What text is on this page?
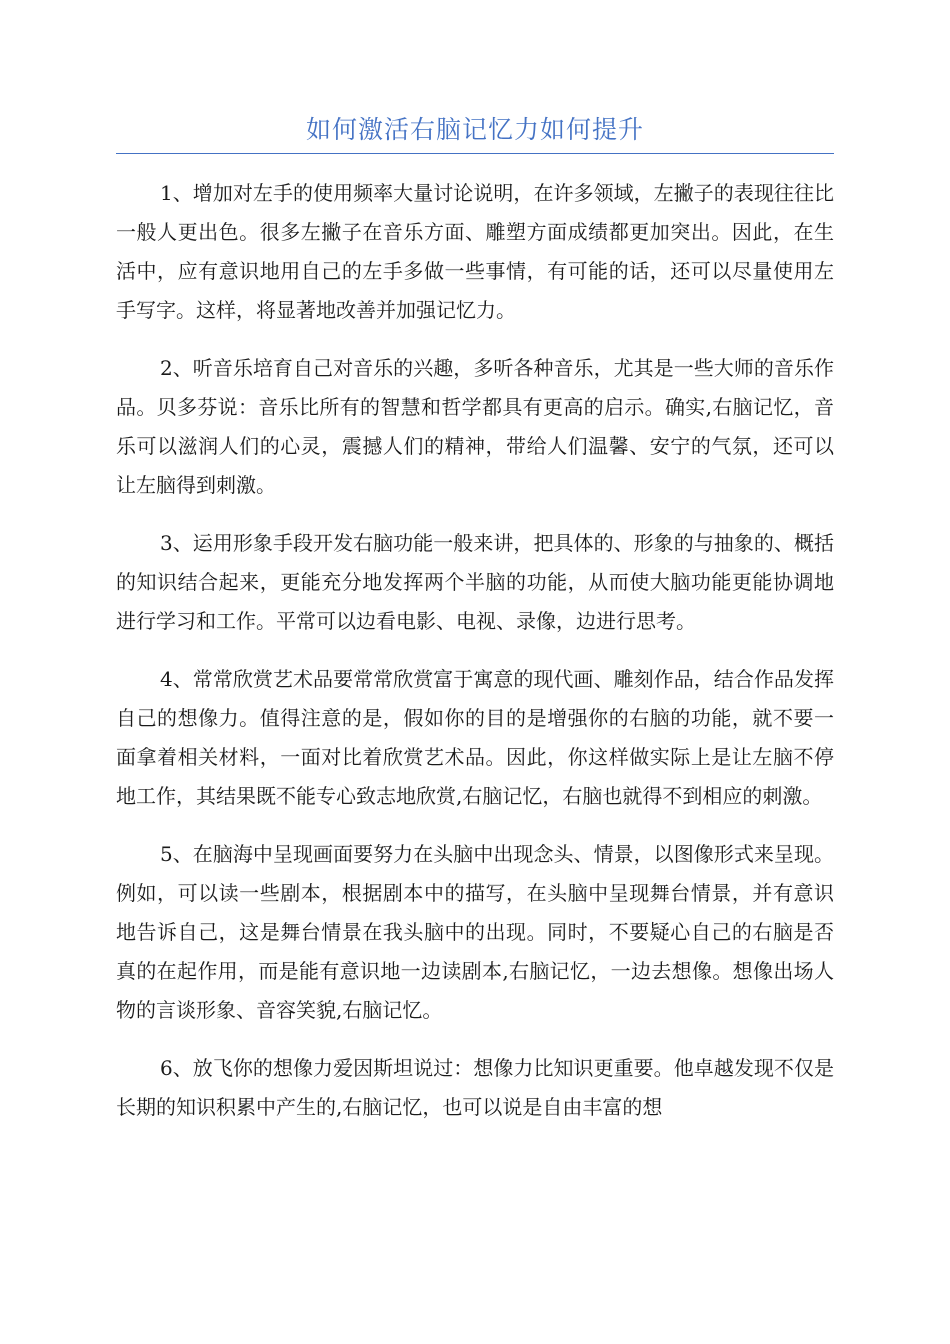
如何激活右脑记忆力如何提升

1、增加对左手的使用频率大量讨论说明，在许多领域，左撇子的表现往往比一般人更出色。很多左撇子在音乐方面、雕塑方面成绩都更加突出。因此，在生活中，应有意识地用自己的左手多做一些事情，有可能的话，还可以尽量使用左手写字。这样，将显著地改善并加强记忆力。

2、听音乐培育自己对音乐的兴趣，多听各种音乐，尤其是一些大师的音乐作品。贝多芬说：音乐比所有的智慧和哲学都具有更高的启示。确实,右脑记忆，音乐可以滋润人们的心灵，震撼人们的精神，带给人们温馨、安宁的气氛，还可以让左脑得到刺激。

3、运用形象手段开发右脑功能一般来讲，把具体的、形象的与抽象的、概括的知识结合起来，更能充分地发挥两个半脑的功能，从而使大脑功能更能协调地进行学习和工作。平常可以边看电影、电视、录像，边进行思考。

4、常常欣赏艺术品要常常欣赏富于寓意的现代画、雕刻作品，结合作品发挥自己的想像力。值得注意的是，假如你的目的是增强你的右脑的功能，就不要一面拿着相关材料，一面对比着欣赏艺术品。因此，你这样做实际上是让左脑不停地工作，其结果既不能专心致志地欣赏,右脑记忆，右脑也就得不到相应的刺激。

5、在脑海中呈现画面要努力在头脑中出现念头、情景，以图像形式来呈现。例如，可以读一些剧本，根据剧本中的描写，在头脑中呈现舞台情景，并有意识地告诉自己，这是舞台情景在我头脑中的出现。同时，不要疑心自己的右脑是否真的在起作用，而是能有意识地一边读剧本,右脑记忆，一边去想像。想像出场人物的言谈形象、音容笑貌,右脑记忆。

6、放飞你的想像力爱因斯坦说过：想像力比知识更重要。他卓越发现不仅是长期的知识积累中产生的,右脑记忆，也可以说是自由丰富的想
